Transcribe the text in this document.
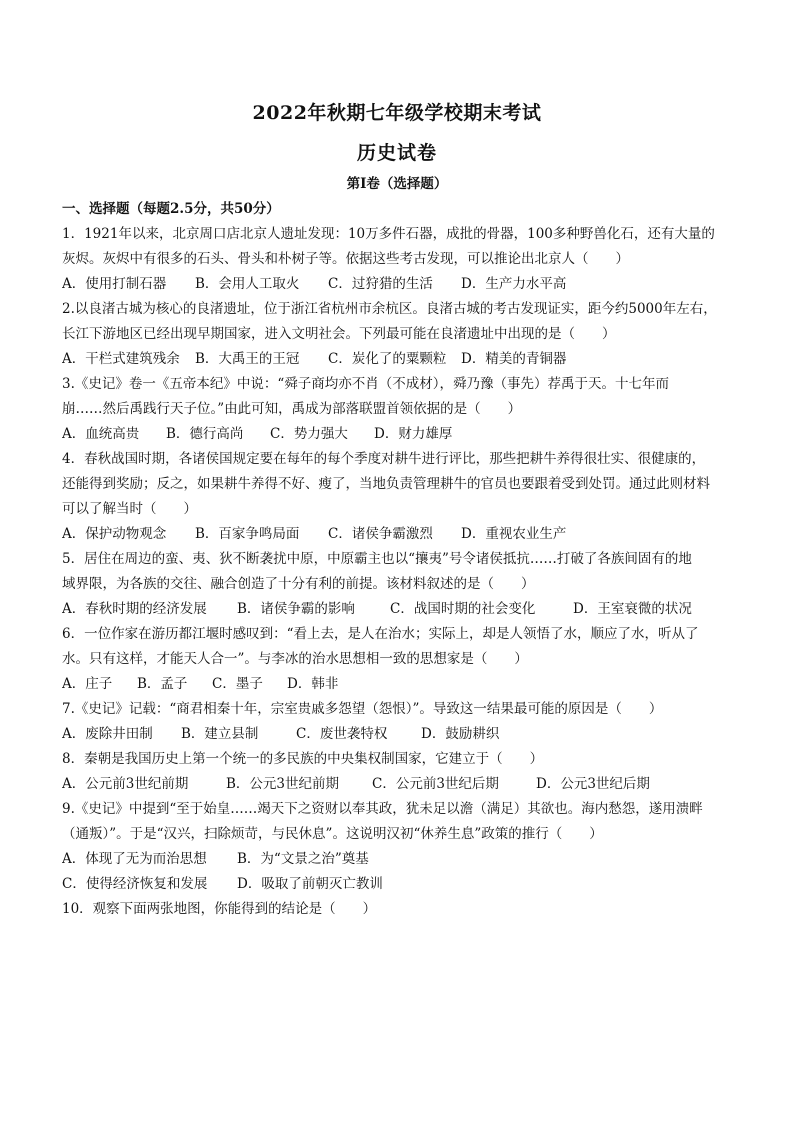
2022年秋期七年级学校期末考试
历史试卷
第Ⅰ卷（选择题）
一、选择题（每题2.5分，共50分）
1．1921年以来，北京周口店北京人遗址发现：10万多件石器，成批的骨器，100多种野兽化石，还有大量的
灰烬。灰烬中有很多的石头、骨头和朴树子等。依据这些考古发现，可以推论出北京人（　　）
A．使用打制石器	B．会用人工取火	C．过狩猎的生活	D．生产力水平高
2.以良渚古城为核心的良渚遗址，位于浙江省杭州市余杭区。良渚古城的考古发现证实，距今约5000年左右，
长江下游地区已经出现早期国家，进入文明社会。下列最可能在良渚遗址中出现的是（　　）
A．干栏式建筑残余	B．大禹王的王冠	C．炭化了的粟颗粒	D．精美的青铜器
3.《史记》卷一《五帝本纪》中说：“舜子商均亦不肖（不成材），舜乃豫（事先）荐禹于天。十七年而
崩……然后禹践行天子位。”由此可知，禹成为部落联盟首领依据的是（　　）
A．血统高贵	B．德行高尚	C．势力强大	D．财力雄厚
4．春秋战国时期，各诸侯国规定要在每年的每个季度对耕牛进行评比，那些把耕牛养得很壮实、很健康的，
还能得到奖励；反之，如果耕牛养得不好、瘦了，当地负责管理耕牛的官员也要跟着受到处罚。通过此则材料
可以了解当时（　　）
A．保护动物观念	B．百家争鸣局面	C．诸侯争霸激烈	D．重视农业生产
5．居住在周边的蛮、夷、狄不断袭扰中原，中原霸主也以“攘夷”号令诸侯抵抗……打破了各族间固有的地
域界限，为各族的交往、融合创造了十分有利的前提。该材料叙述的是（　　）
A．春秋时期的经济发展	B．诸侯争霸的影响	C．战国时期的社会变化	D．王室衰微的状况
6．一位作家在游历都江堰时感叹到：“看上去，是人在治水；实际上，却是人领悟了水，顺应了水，听从了
水。只有这样，才能天人合一”。与李冰的治水思想相一致的思想家是（　　）
A．庄子	B．孟子	C．墨子	D．韩非
7.《史记》记载：“商君相秦十年，宗室贵戚多怨望（怨恨）”。导致这一结果最可能的原因是（　　）
A．废除井田制	B．建立县制	C．废世袭特权	D．鼓励耕织
8．秦朝是我国历史上第一个统一的多民族的中央集权制国家，它建立于（　　）
A．公元前3世纪前期	B．公元3世纪前期	C．公元前3世纪后期	D．公元3世纪后期
9.《史记》中提到“至于始皇……竭天下之资财以奉其政，犹未足以澹（满足）其欲也。海内愁怨，遂用溃畔
（通叛）”。于是“汉兴，扫除烦苛，与民休息”。这说明汉初“休养生息”政策的推行（　　）
A．体现了无为而治思想	B．为“文景之治”奠基
C．使得经济恢复和发展	D．吸取了前朝灭亡教训
10．观察下面两张地图，你能得到的结论是（　　）
